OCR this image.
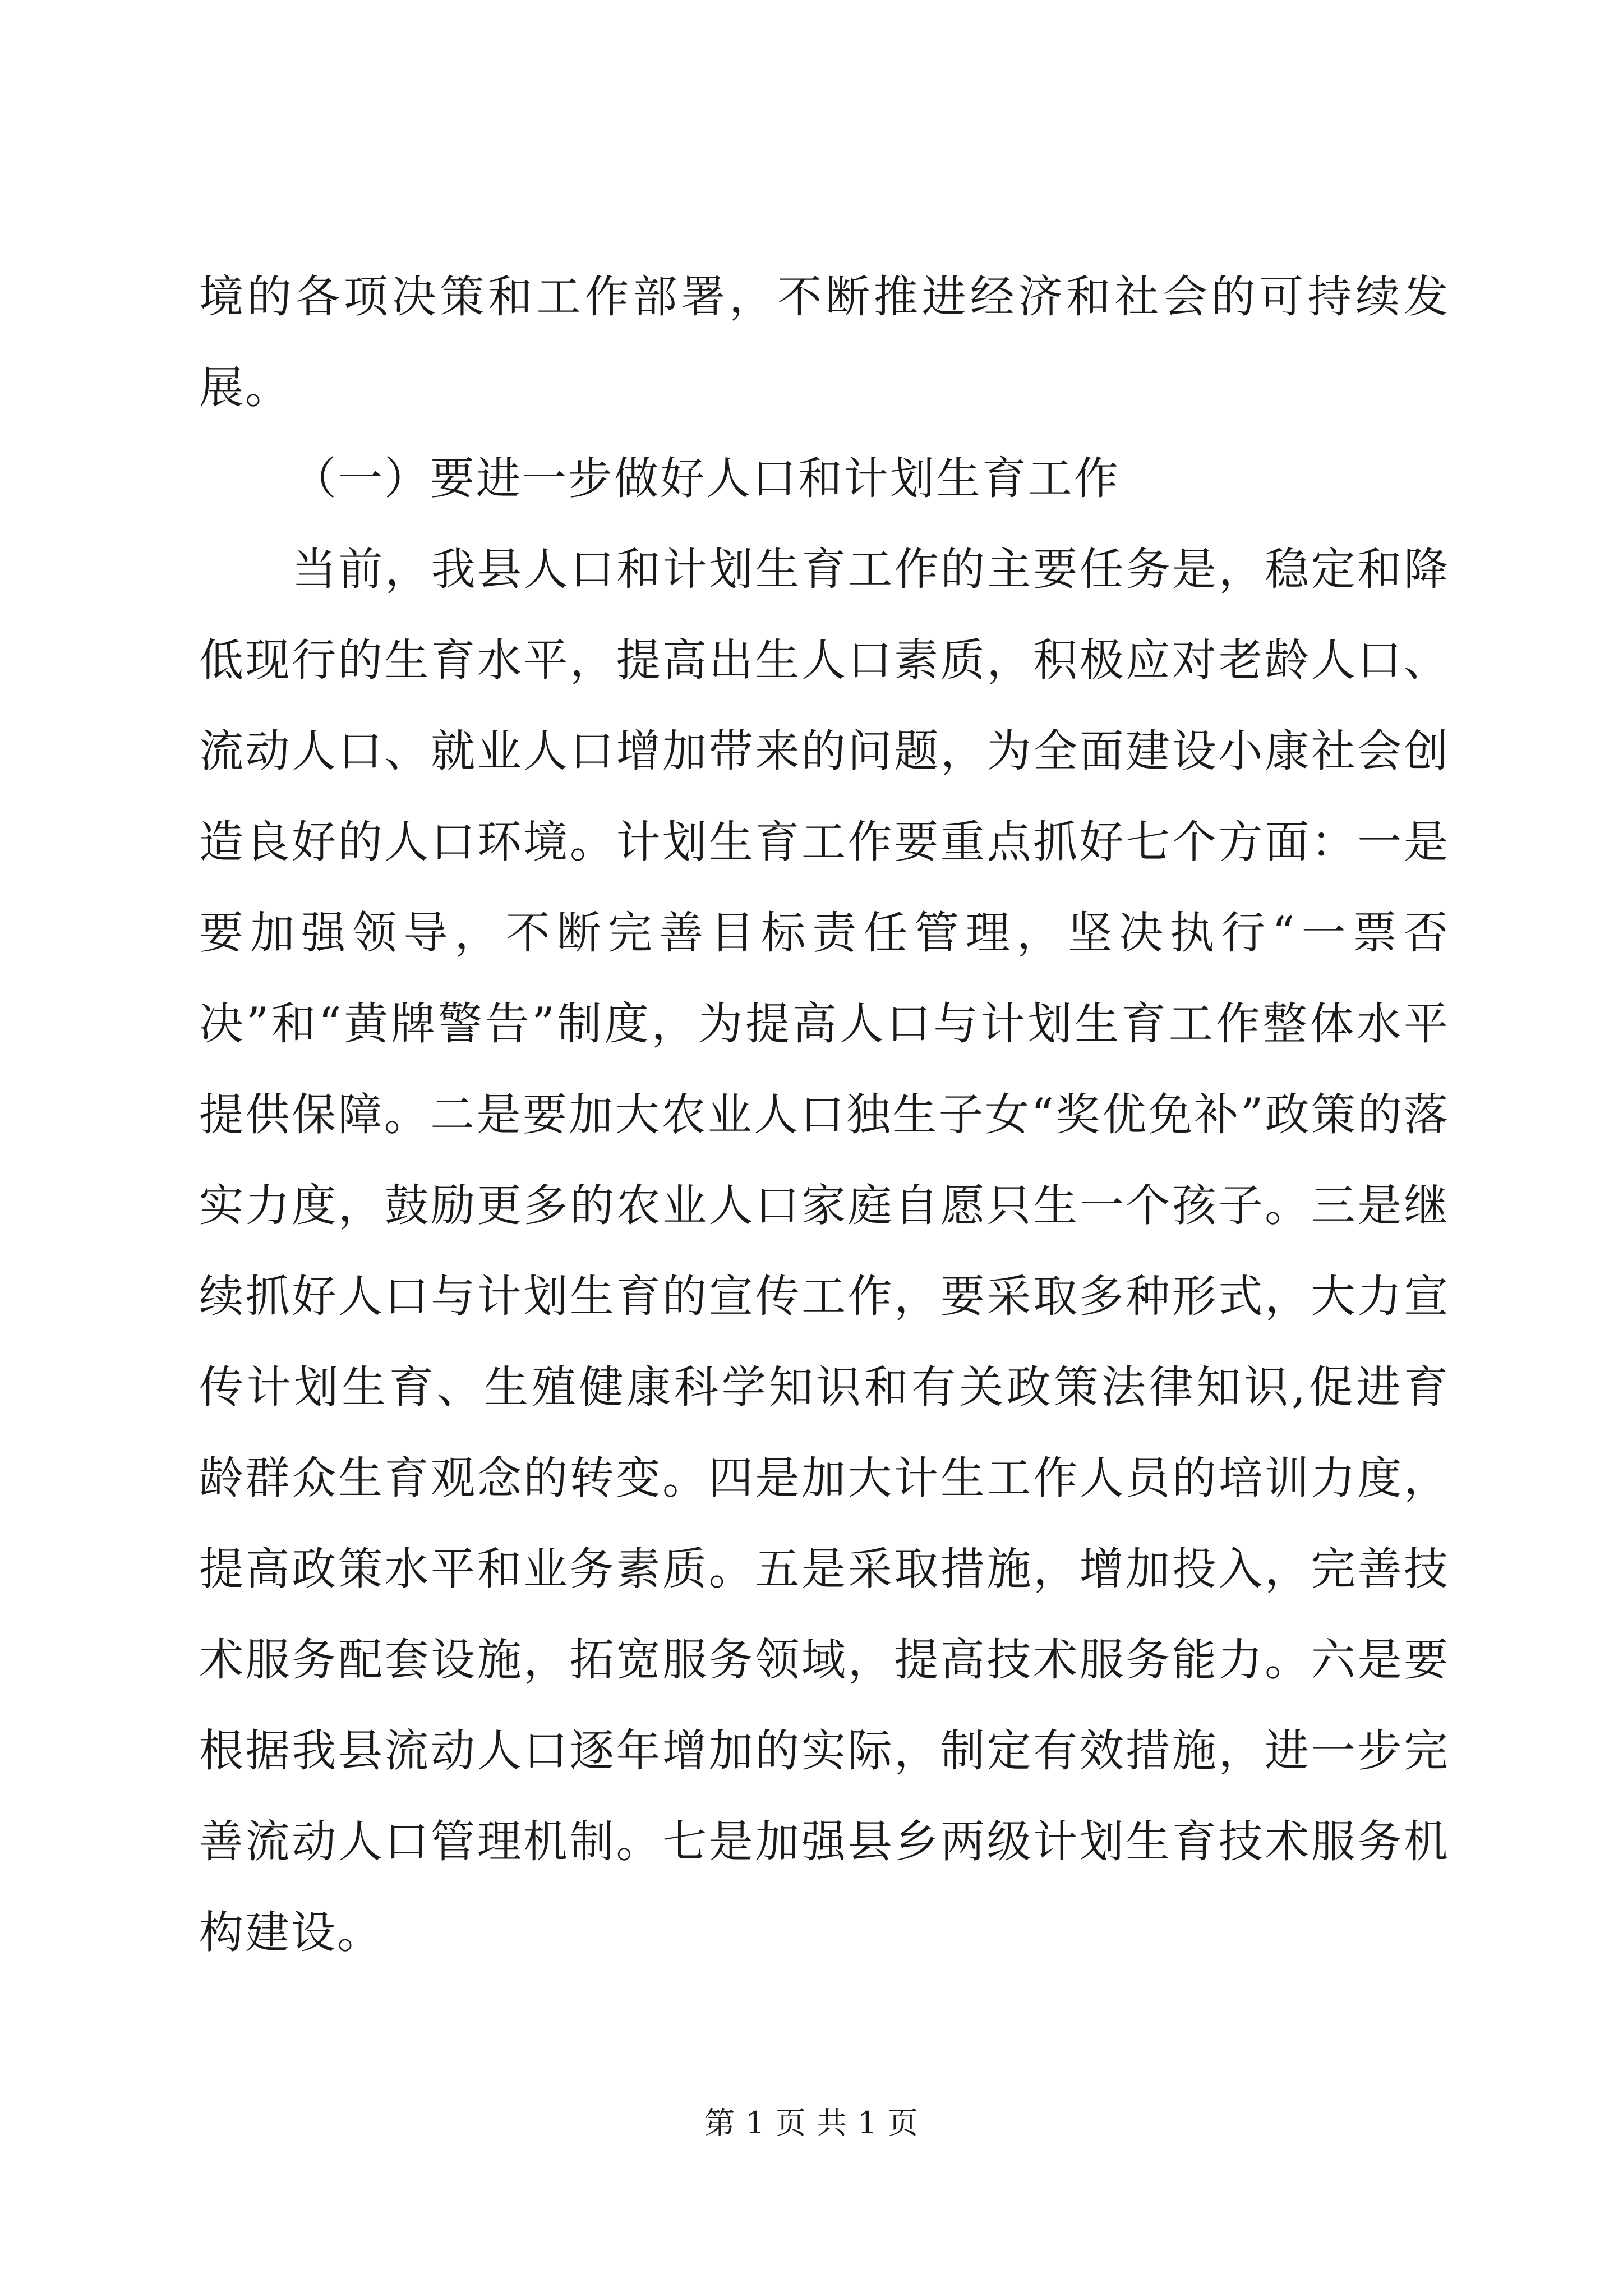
境的各项决策和工作部署，不断推进经济和社会的可持续发展。

（一）要进一步做好人口和计划生育工作

当前，我县人口和计划生育工作的主要任务是，稳定和降低现行的生育水平，提高出生人口素质，积极应对老龄人口、流动人口、就业人口增加带来的问题，为全面建设小康社会创造良好的人口环境。计划生育工作要重点抓好七个方面：一是要加强领导，不断完善目标责任管理，坚决执行“一票否决”和“黄牌警告”制度，为提高人口与计划生育工作整体水平提供保障。二是要加大农业人口独生子女“奖优免补”政策的落实力度，鼓励更多的农业人口家庭自愿只生一个孩子。三是继续抓好人口与计划生育的宣传工作，要采取多种形式，大力宣传计划生育、生殖健康科学知识和有关政策法律知识,促进育龄群众生育观念的转变。四是加大计生工作人员的培训力度，提高政策水平和业务素质。五是采取措施，增加投入，完善技术服务配套设施，拓宽服务领域，提高技术服务能力。六是要根据我县流动人口逐年增加的实际，制定有效措施，进一步完善流动人口管理机制。七是加强县乡两级计划生育技术服务机构建设。

第 1 页 共 1 页
